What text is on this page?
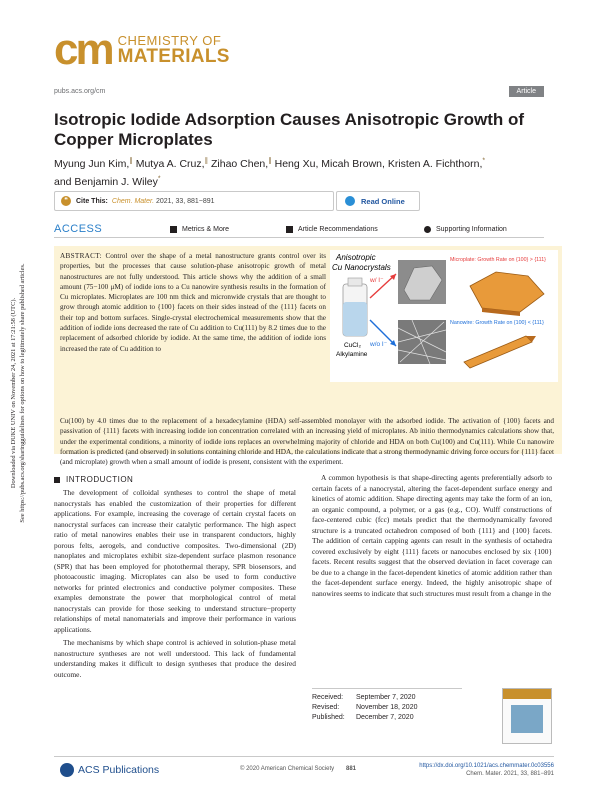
cm CHEMISTRY OF
MATERIALS
pubs.acs.org/cm	Article
Isotropic Iodide Adsorption Causes Anisotropic Growth of Copper Microplates
Myung Jun Kim,∥ Mutya A. Cruz,∥ Zihao Chen,∥ Heng Xu, Micah Brown, Kristen A. Fichthorn,*
and Benjamin J. Wiley*
❝	Cite This: Chem. Mater. 2021, 33, 881−891	Read Online
ACCESS	Metrics & More	Article Recommendations	Supporting Information

ABSTRACT: Control over the shape of a metal nanostructure grants control over its properties, but the processes that cause solution-phase anisotropic growth of metal nanostructures are not fully understood. This article shows why the addition of a small amount (75−100 μM) of iodide ions to a Cu nanowire synthesis results in the formation of Cu microplates. Microplates are 100 nm thick and micronwide crystals that are thought to grow through atomic addition to {100} facets on their sides instead of the {111} facets on their top and bottom surfaces. Single-crystal electrochemical measurements show that the addition of iodide ions decreased the rate of Cu addition to Cu(111) by 8.2 times due to the replacement of adsorbed chloride by iodide. At the same time, the addition of iodide ions increased the rate of Cu addition to

Cu(100) by 4.0 times due to the replacement of a hexadecylamine (HDA) self-assembled monolayer with the adsorbed iodide. The activation of {100} facets and passivation of {111} facets with increasing iodide ion concentration correlated with an increasing yield of microplates. Ab initio thermodynamics calculations show that, under the experimental conditions, a minority of iodide ions replaces an overwhelming majority of chloride and HDA on both Cu(100) and Cu(111). While Cu nanowire formation is predicted (and observed) in solutions containing chloride and HDA, the calculations indicate that a strong thermodynamic driving force occurs for {111} facet (and microplate) growth when a small amount of iodide is present, consistent with the experiment.

Anisotropic
Cu Nanocrystals
CuCl₂
Alkylamine
w/ I⁻
w/o I⁻
Microplate: Growth Rate on {100} > {111}
Nanowire: Growth Rate on {100} < {111}
Downloaded via DUKE UNIV on November 24, 2021 at 17:21:58 (UTC). See https://pubs.acs.org/sharingguidelines for options on how to legitimately share published articles.	INTRODUCTION

The development of colloidal syntheses to control the shape of metal nanocrystals has enabled the customization of their properties for different applications. For example, increasing the coverage of certain crystal facets on nanocrystal surfaces can increase their catalytic performance. The high aspect ratio of metal nanowires enables their use in transparent conductors, highly porous felts, aerogels, and conductive composites. Two-dimensional (2D) nanoplates and microplates exhibit size-dependent surface plasmon resonance (SPR) that has been employed for photothermal therapy, SPR biosensors, and photoacoustic imaging. Microplates can also be used to form conductive networks for printed electronics and conductive polymer composites. These examples demonstrate the power that morphological control of metal nanocrystals can provide for those seeking to understand structure−property relationships of metal nanomaterials and improve their performance in various applications.

The mechanisms by which shape control is achieved in solution-phase metal nanostructure syntheses are not well understood. This lack of fundamental understanding makes it difficult to design syntheses that produce the desired outcome.

A common hypothesis is that shape-directing agents preferentially adsorb to certain facets of a nanocrystal, altering the facet-dependent surface energy and kinetics of atomic addition. Shape directing agents may take the form of an ion, an organic compound, a polymer, or a gas (e.g., CO). Wulff constructions of face-centered cubic (fcc) metals predict that the thermodynamically favored structure is a truncated octahedron composed of both {111} and {100} facets. The addition of certain capping agents can result in the synthesis of octahedra covered exclusively by eight {111} facets or nanocubes enclosed by six {100} facets. Recent results suggest that the observed deviation in facet coverage can be due to a change in the facet-dependent kinetics of atomic addition rather than the facet-dependent surface energy. Indeed, the highly anisotropic shape of nanowires seems to indicate that such structures must result from a change in the

Received: September 7, 2020
Revised: November 18, 2020
Published: December 7, 2020
ACS Publications	© 2020 American Chemical Society 881	https://dx.doi.org/10.1021/acs.chemmater.0c03556
Chem. Mater. 2021, 33, 881−891
